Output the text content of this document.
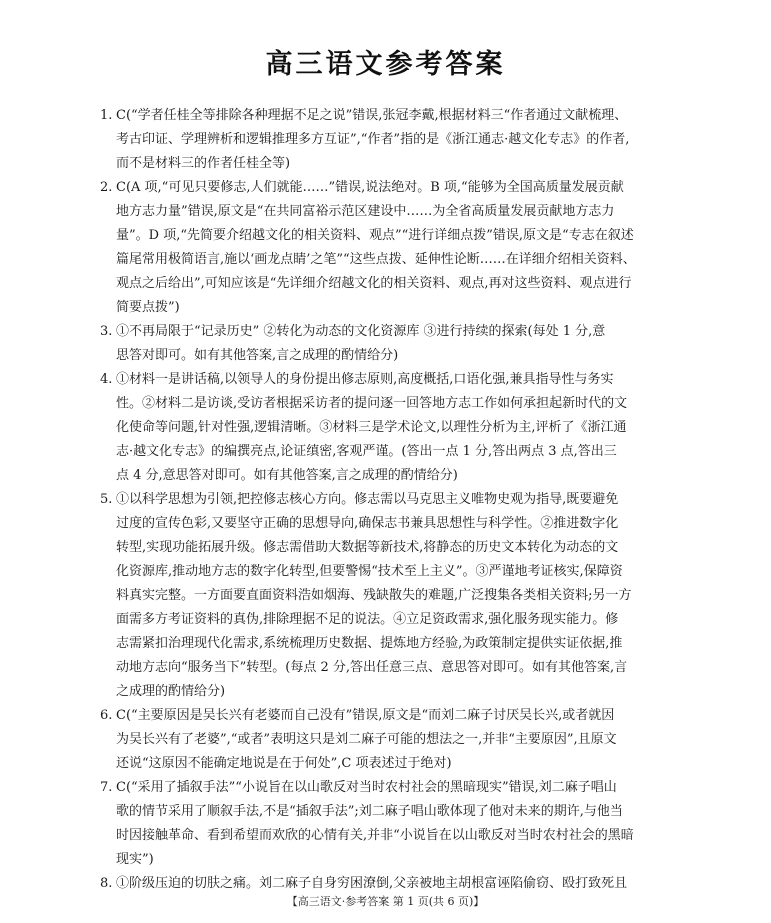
高三语文参考答案
1. C(“学者任桂全等排除各种理据不足之说”错误,张冠李戴,根据材料三“作者通过文献梳理、
考古印证、学理辨析和逻辑推理多方互证”,“作者”指的是《浙江通志·越文化专志》的作者,
而不是材料三的作者任桂全等)
2. C(A 项,“可见只要修志,人们就能……”错误,说法绝对。B 项,“能够为全国高质量发展贡献
地方志力量”错误,原文是“在共同富裕示范区建设中……为全省高质量发展贡献地方志力
量”。D 项,“先简要介绍越文化的相关资料、观点”“进行详细点拨”错误,原文是“专志在叙述
篇尾常用极简语言,施以‘画龙点睛’之笔”“这些点拨、延伸性论断……在详细介绍相关资料、
观点之后给出”,可知应该是“先详细介绍越文化的相关资料、观点,再对这些资料、观点进行
简要点拨”)
3. ①不再局限于“记录历史” ②转化为动态的文化资源库 ③进行持续的探索(每处 1 分,意
思答对即可。如有其他答案,言之成理的酌情给分)
4. ①材料一是讲话稿,以领导人的身份提出修志原则,高度概括,口语化强,兼具指导性与务实
性。②材料二是访谈,受访者根据采访者的提问逐一回答地方志工作如何承担起新时代的文
化使命等问题,针对性强,逻辑清晰。③材料三是学术论文,以理性分析为主,评析了《浙江通
志·越文化专志》的编撰亮点,论证缜密,客观严谨。(答出一点 1 分,答出两点 3 点,答出三
点 4 分,意思答对即可。如有其他答案,言之成理的酌情给分)
5. ①以科学思想为引领,把控修志核心方向。修志需以马克思主义唯物史观为指导,既要避免
过度的宣传色彩,又要坚守正确的思想导向,确保志书兼具思想性与科学性。②推进数字化
转型,实现功能拓展升级。修志需借助大数据等新技术,将静态的历史文本转化为动态的文
化资源库,推动地方志的数字化转型,但要警惕“技术至上主义”。③严谨地考证核实,保障资
料真实完整。一方面要直面资料浩如烟海、残缺散失的难题,广泛搜集各类相关资料;另一方
面需多方考证资料的真伪,排除理据不足的说法。④立足资政需求,强化服务现实能力。修
志需紧扣治理现代化需求,系统梳理历史数据、提炼地方经验,为政策制定提供实证依据,推
动地方志向“服务当下”转型。(每点 2 分,答出任意三点、意思答对即可。如有其他答案,言
之成理的酌情给分)
6. C(“主要原因是吴长兴有老婆而自己没有”错误,原文是“而刘二麻子讨厌吴长兴,或者就因
为吴长兴有了老婆”,“或者”表明这只是刘二麻子可能的想法之一,并非“主要原因”,且原文
还说“这原因不能确定地说是在于何处”,C 项表述过于绝对)
7. C(“采用了插叙手法”“小说旨在以山歌反对当时农村社会的黑暗现实”错误,刘二麻子唱山
歌的情节采用了顺叙手法,不是“插叙手法”;刘二麻子唱山歌体现了他对未来的期许,与他当
时因接触革命、看到希望而欢欣的心情有关,并非“小说旨在以山歌反对当时农村社会的黑暗
现实”)
8. ①阶级压迫的切肤之痛。刘二麻子自身穷困潦倒,父亲被地主胡根富诬陷偷窃、殴打致死且
【高三语文·参考答案 第 1 页(共 6 页)】
